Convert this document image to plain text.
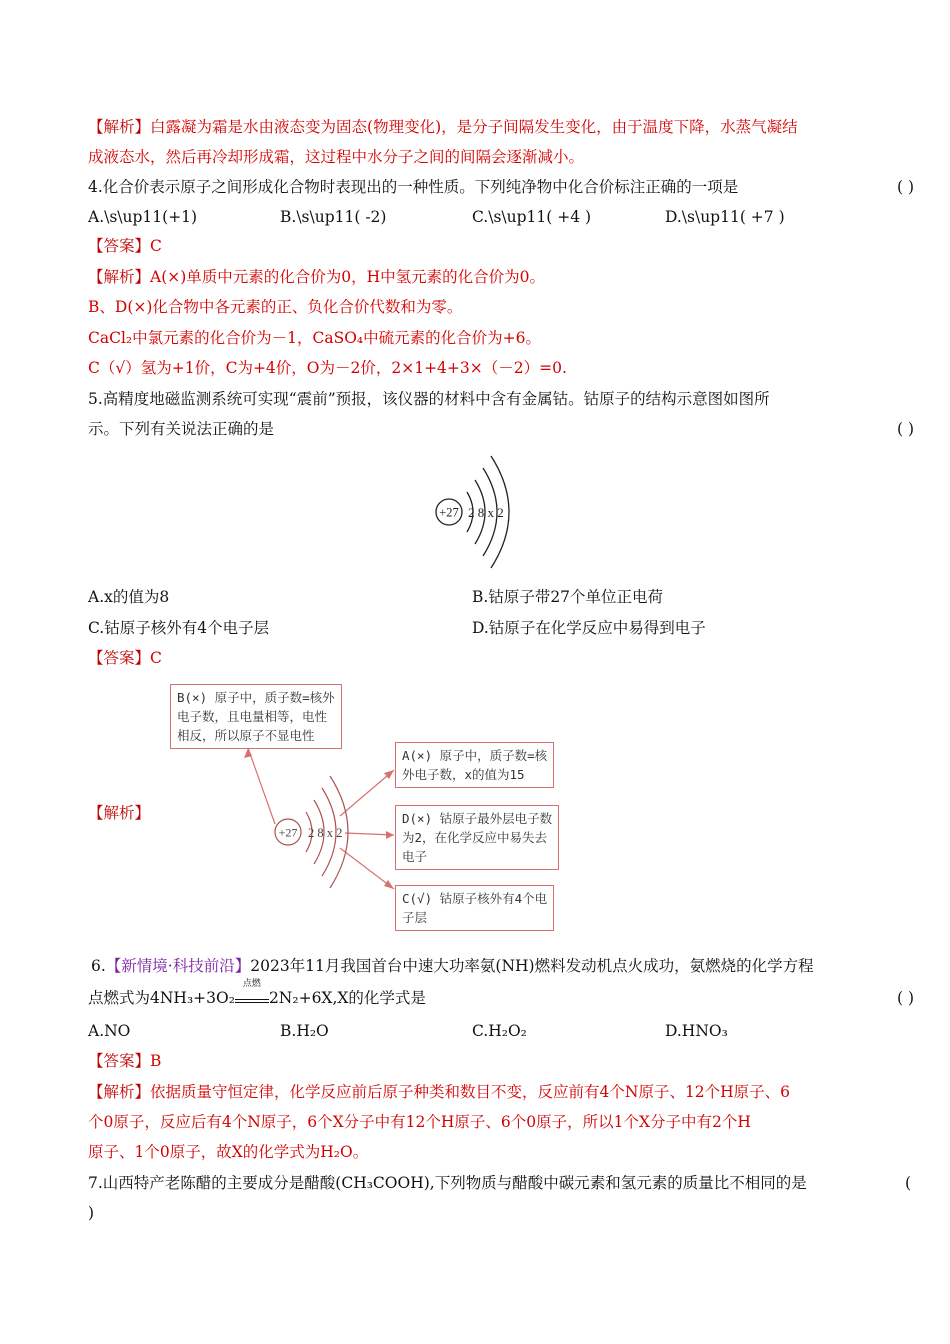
【解析】白露凝为霜是水由液态变为固态(物理变化)，是分子间隔发生变化，由于温度下降，水蒸气凝结
成液态水，然后再冷却形成霜，这过程中水分子之间的间隔会逐渐减小。
4.化合价表示原子之间形成化合物时表现出的一种性质。下列纯净物中化合价标注正确的一项是	( )
A.\s\up11(+1)	B.\s\up11( -2)	C.\s\up11( +4 )	D.\s\up11( +7 )
【答案】C
【解析】A(×)单质中元素的化合价为0，H中氢元素的化合价为0。
B、D(×)化合物中各元素的正、负化合价代数和为零。
CaCl₂中氯元素的化合价为－1，CaSO₄中硫元素的化合价为+6。
C（√）氢为+1价，C为+4价，O为－2价，2×1+4+3×（－2）=0.
5.高精度地磁监测系统可实现“震前”预报，该仪器的材料中含有金属钴。钴原子的结构示意图如图所
示。下列有关说法正确的是	( )
+27 2 8 x 2
A.x的值为8	B.钴原子带27个单位正电荷
C.钴原子核外有4个电子层	D.钴原子在化学反应中易得到电子
【答案】C
【解析】
+27 2 8 x 2
B(×) 原子中，质子数=核外
电子数，且电量相等，电性
相反，所以原子不显电性
A(×) 原子中，质子数=核
外电子数，x的值为15
D(×) 钴原子最外层电子数
为2，在化学反应中易失去
电子
C(√) 钴原子核外有4个电
子层
6.【新情境·科技前沿】2023年11月我国首台中速大功率氨(NH)燃料发动机点火成功，氨燃烧的化学方程
点燃式为4NH₃+3O₂
点燃
2N₂+6X,X的化学式是	( )
A.NO	B.H₂O	C.H₂O₂	D.HNO₃
【答案】B
【解析】依据质量守恒定律，化学反应前后原子种类和数目不变，反应前有4个N原子、12个H原子、6
个0原子，反应后有4个N原子，6个X分子中有12个H原子、6个0原子，所以1个X分子中有2个H
原子、1个0原子，故X的化学式为H₂O。
7.山西特产老陈醋的主要成分是醋酸(CH₃COOH),下列物质与醋酸中碳元素和氢元素的质量比不相同的是	(
)
